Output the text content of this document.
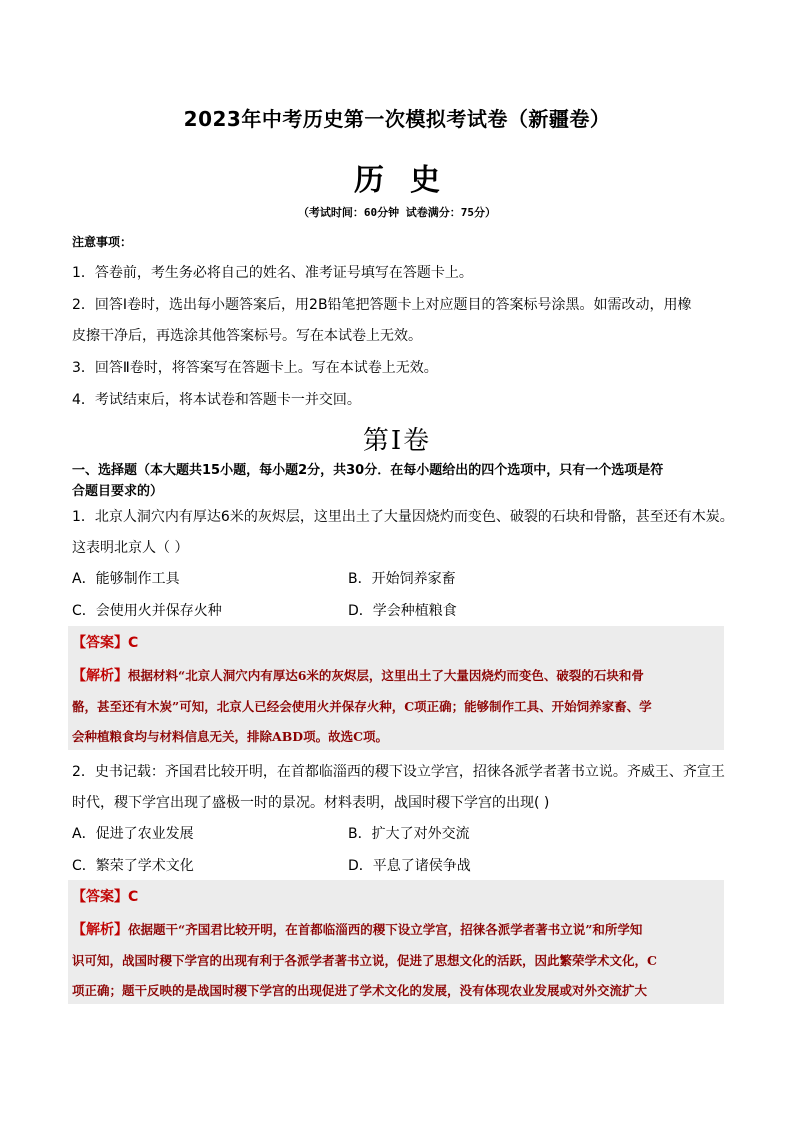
2023年中考历史第一次模拟考试卷（新疆卷）
历史
（考试时间：60分钟 试卷满分：75分）
注意事项：
1．答卷前，考生务必将自己的姓名、准考证号填写在答题卡上。
2．回答Ⅰ卷时，选出每小题答案后，用2B铅笔把答题卡上对应题目的答案标号涂黑。如需改动，用橡
皮擦干净后，再选涂其他答案标号。写在本试卷上无效。
3．回答Ⅱ卷时，将答案写在答题卡上。写在本试卷上无效。
4．考试结束后，将本试卷和答题卡一并交回。
第Ⅰ卷
一、选择题（本大题共15小题，每小题2分，共30分．在每小题给出的四个选项中，只有一个选项是符
合题目要求的）
1．北京人洞穴内有厚达6米的灰烬层，这里出土了大量因烧灼而变色、破裂的石块和骨骼，甚至还有木炭。
这表明北京人（ ）
A．能够制作工具	B．开始饲养家畜
C．会使用火并保存火种	D．学会种植粮食
【答案】C
【解析】根据材料“北京人洞穴内有厚达6米的灰烬层，这里出土了大量因烧灼而变色、破裂的石块和骨
骼，甚至还有木炭”可知，北京人已经会使用火并保存火种，C项正确；能够制作工具、开始饲养家畜、学
会种植粮食均与材料信息无关，排除ABD项。故选C项。
2．史书记载：齐国君比较开明，在首都临淄西的稷下设立学宫，招徕各派学者著书立说。齐威王、齐宣王
时代，稷下学宫出现了盛极一时的景况。材料表明，战国时稷下学宫的出现( )
A．促进了农业发展	B．扩大了对外交流
C．繁荣了学术文化	D．平息了诸侯争战
【答案】C
【解析】依据题干“齐国君比较开明，在首都临淄西的稷下设立学宫，招徕各派学者著书立说”和所学知
识可知，战国时稷下学宫的出现有利于各派学者著书立说，促进了思想文化的活跃，因此繁荣学术文化，C
项正确；题干反映的是战国时稷下学宫的出现促进了学术文化的发展，没有体现农业发展或对外交流扩大
